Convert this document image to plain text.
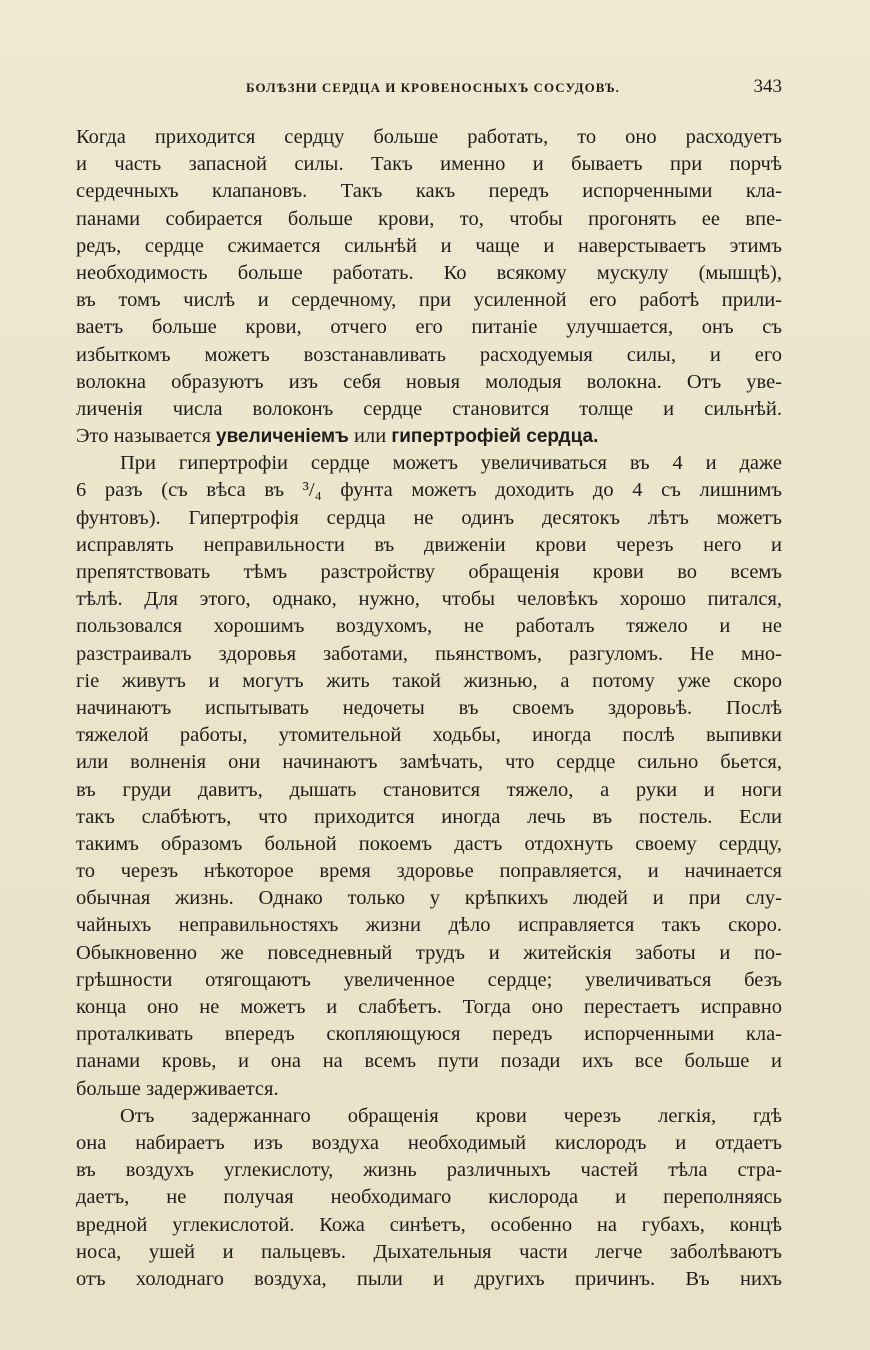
БОЛѢЗНИ СЕРДЦА И КРОВЕНОСНЫХЪ СОСУДОВЪ.	343
Когда приходится сердцу больше работать, то оно расходуетъ
и часть запасной силы. Такъ именно и бываетъ при порчѣ
сердечныхъ клапановъ. Такъ какъ передъ испорченными кла-
панами собирается больше крови, то, чтобы прогонять ее впе-
редъ, сердце сжимается сильнѣй и чаще и наверстываетъ этимъ
необходимость больше работать. Ко всякому мускулу (мышцѣ),
въ томъ числѣ и сердечному, при усиленной его работѣ прили-
ваетъ больше крови, отчего его питаніе улучшается, онъ съ
избыткомъ можетъ возстанавливать расходуемыя силы, и его
волокна образуютъ изъ себя новыя молодыя волокна. Отъ уве-
личенія числа волоконъ сердце становится толще и сильнѣй.
Это называется увеличеніемъ или гипертрофіей сердца.
При гипертрофіи сердце можетъ увеличиваться въ 4 и даже
6 разъ (съ вѣса въ ³/₄ фунта можетъ доходить до 4 съ лишнимъ
фунтовъ). Гипертрофія сердца не одинъ десятокъ лѣтъ можетъ
исправлять неправильности въ движеніи крови черезъ него и
препятствовать тѣмъ разстройству обращенія крови во всемъ
тѣлѣ. Для этого, однако, нужно, чтобы человѣкъ хорошо питался,
пользовался хорошимъ воздухомъ, не работалъ тяжело и не
разстраивалъ здоровья заботами, пьянствомъ, разгуломъ. Не мно-
гіе живутъ и могутъ жить такой жизнью, а потому уже скоро
начинаютъ испытывать недочеты въ своемъ здоровьѣ. Послѣ
тяжелой работы, утомительной ходьбы, иногда послѣ выпивки
или волненія они начинаютъ замѣчать, что сердце сильно бьется,
въ груди давитъ, дышать становится тяжело, а руки и ноги
такъ слабѣютъ, что приходится иногда лечь въ постель. Если
такимъ образомъ больной покоемъ дастъ отдохнуть своему сердцу,
то черезъ нѣкоторое время здоровье поправляется, и начинается
обычная жизнь. Однако только у крѣпкихъ людей и при слу-
чайныхъ неправильностяхъ жизни дѣло исправляется такъ скоро.
Обыкновенно же повседневный трудъ и житейскія заботы и по-
грѣшности отягощаютъ увеличенное сердце; увеличиваться безъ
конца оно не можетъ и слабѣетъ. Тогда оно перестаетъ исправно
проталкивать впередъ скопляющуюся передъ испорченными кла-
панами кровь, и она на всемъ пути позади ихъ все больше и
больше задерживается.
Отъ задержаннаго обращенія крови черезъ легкія, гдѣ
она набираетъ изъ воздуха необходимый кислородъ и отдаетъ
въ воздухъ углекислоту, жизнь различныхъ частей тѣла стра-
даетъ, не получая необходимаго кислорода и переполняясь
вредной углекислотой. Кожа синѣетъ, особенно на губахъ, концѣ
носа, ушей и пальцевъ. Дыхательныя части легче заболѣваютъ
отъ холоднаго воздуха, пыли и другихъ причинъ. Въ нихъ
